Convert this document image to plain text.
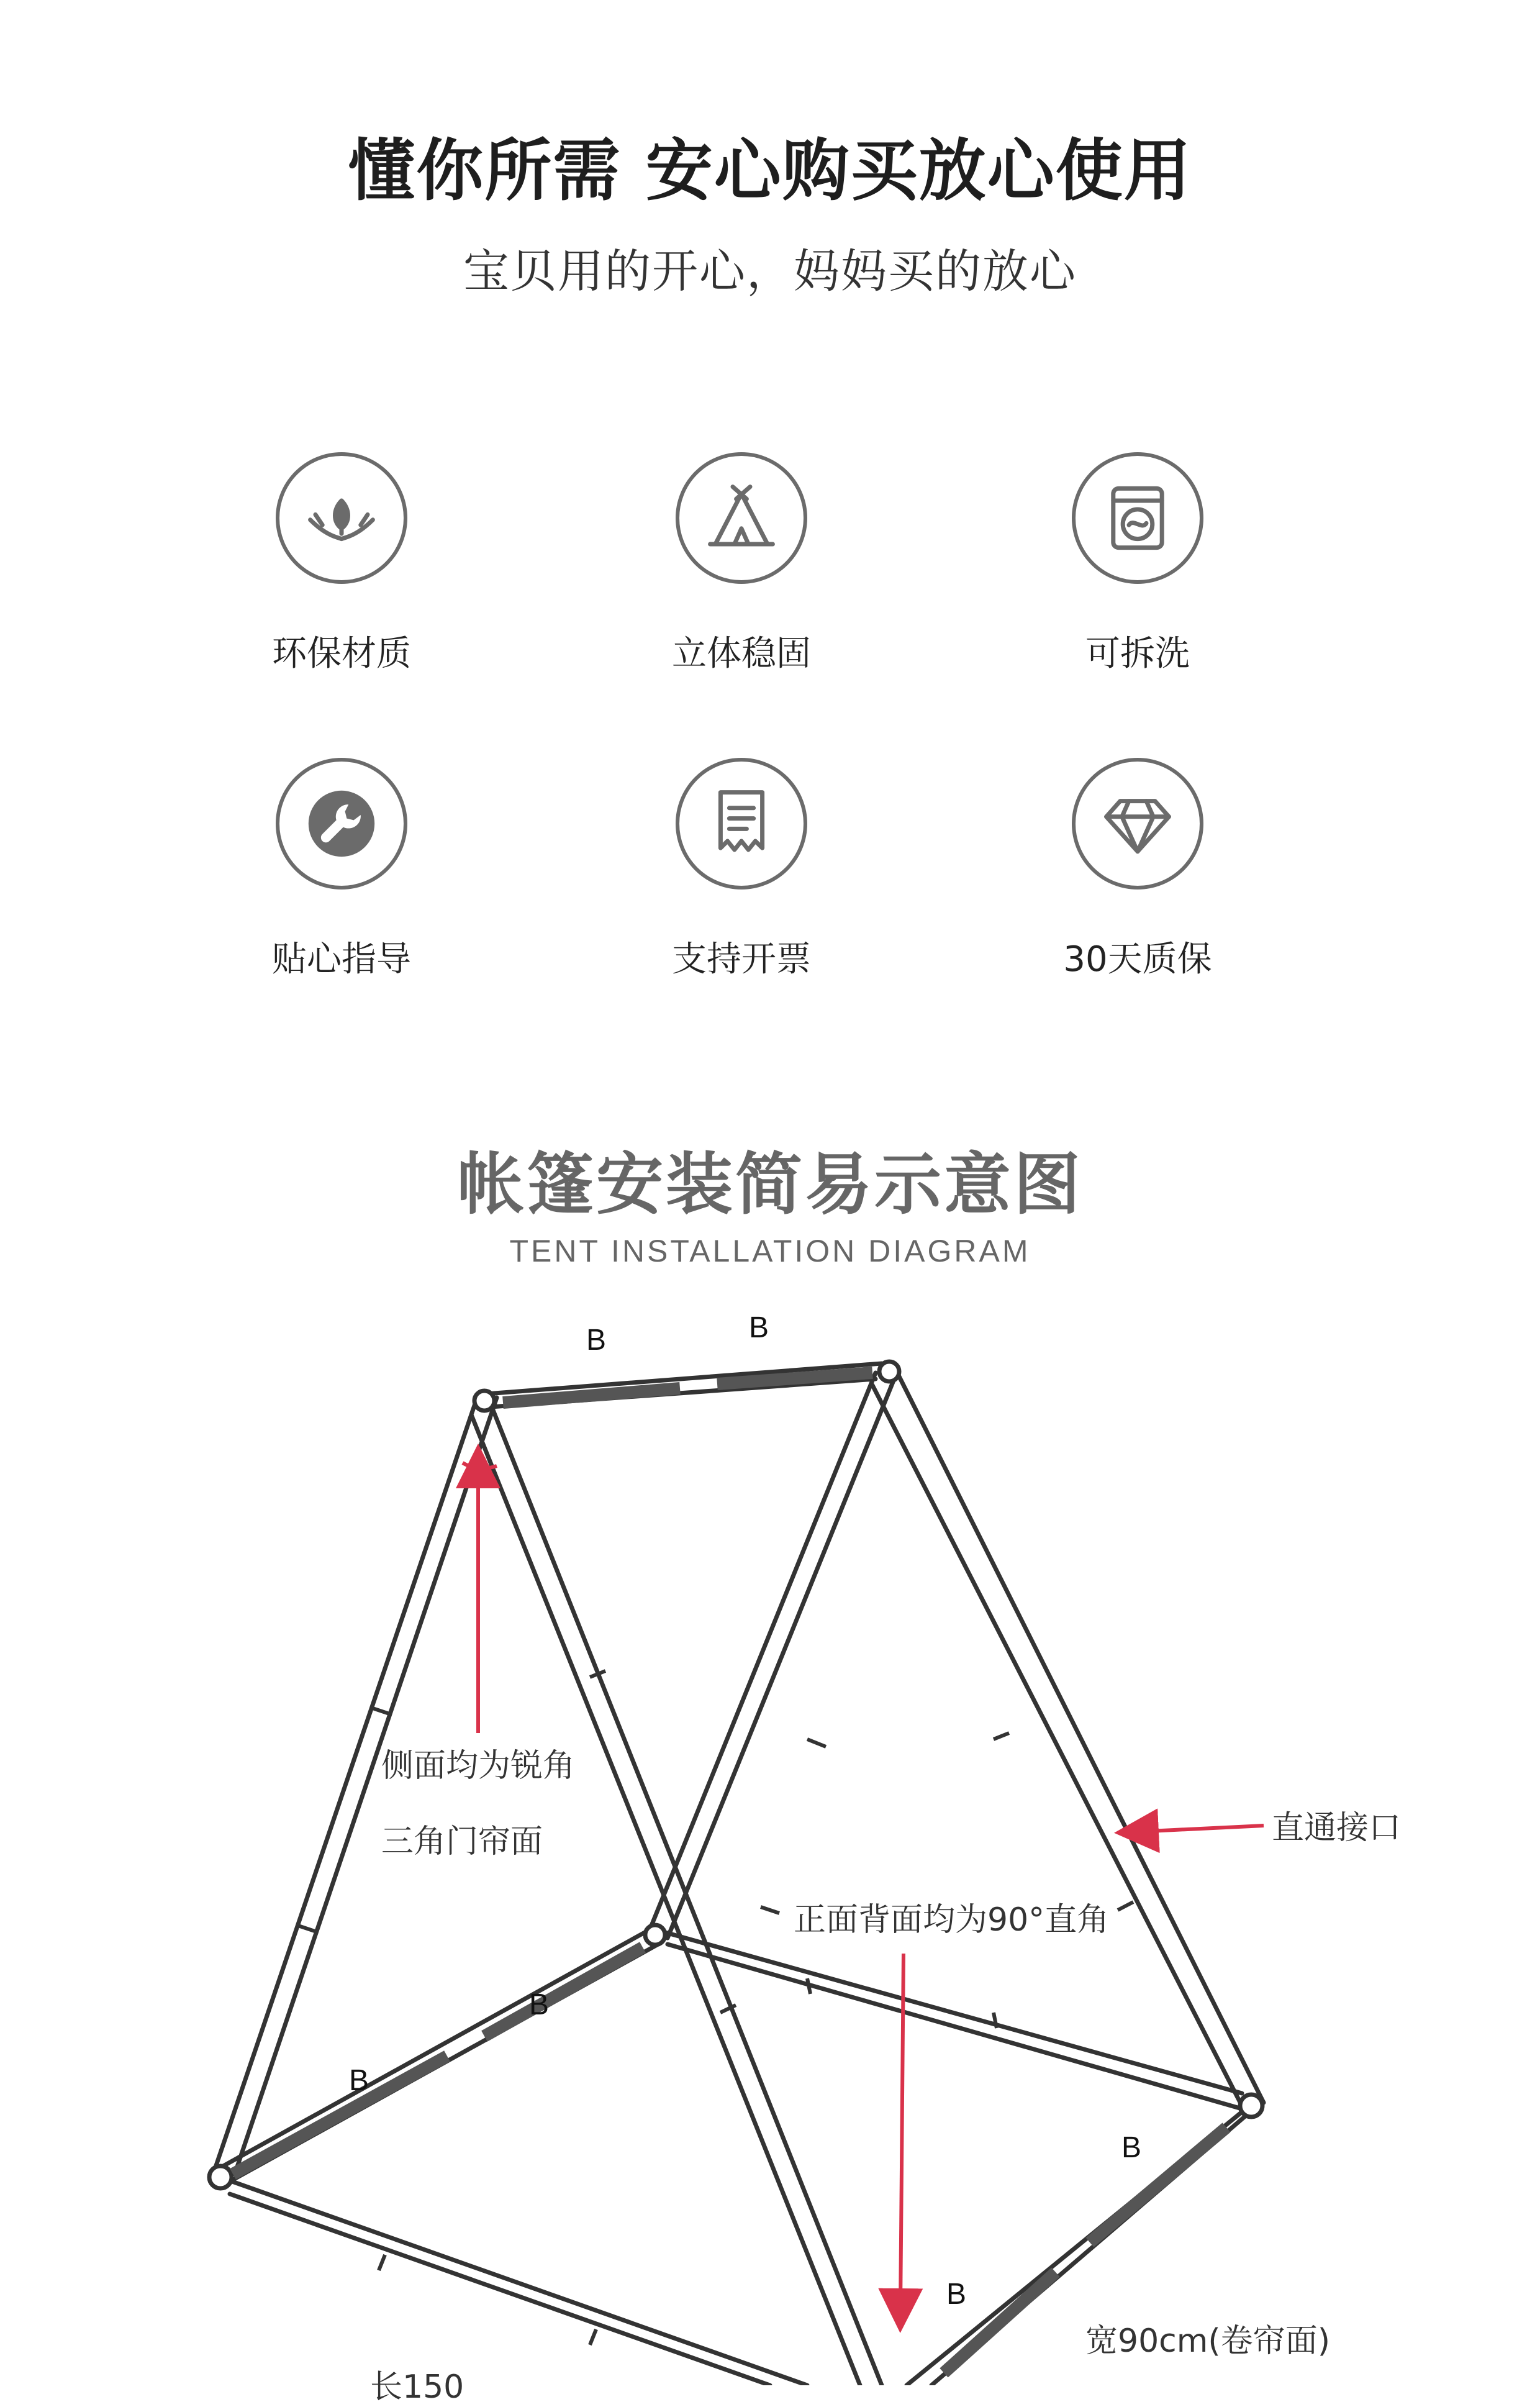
懂你所需 安心购买放心使用
宝贝用的开心，妈妈买的放心
环保材质	立体稳固	可拆洗
贴心指导	支持开票	30天质保
帐篷安装简易示意图
TENT INSTALLATION DIAGRAM
B	B
B
B
B
B
侧面均为锐角
三角门帘面	直通接口
正面背面均为90°直角
宽90cm(卷帘面)
长150
